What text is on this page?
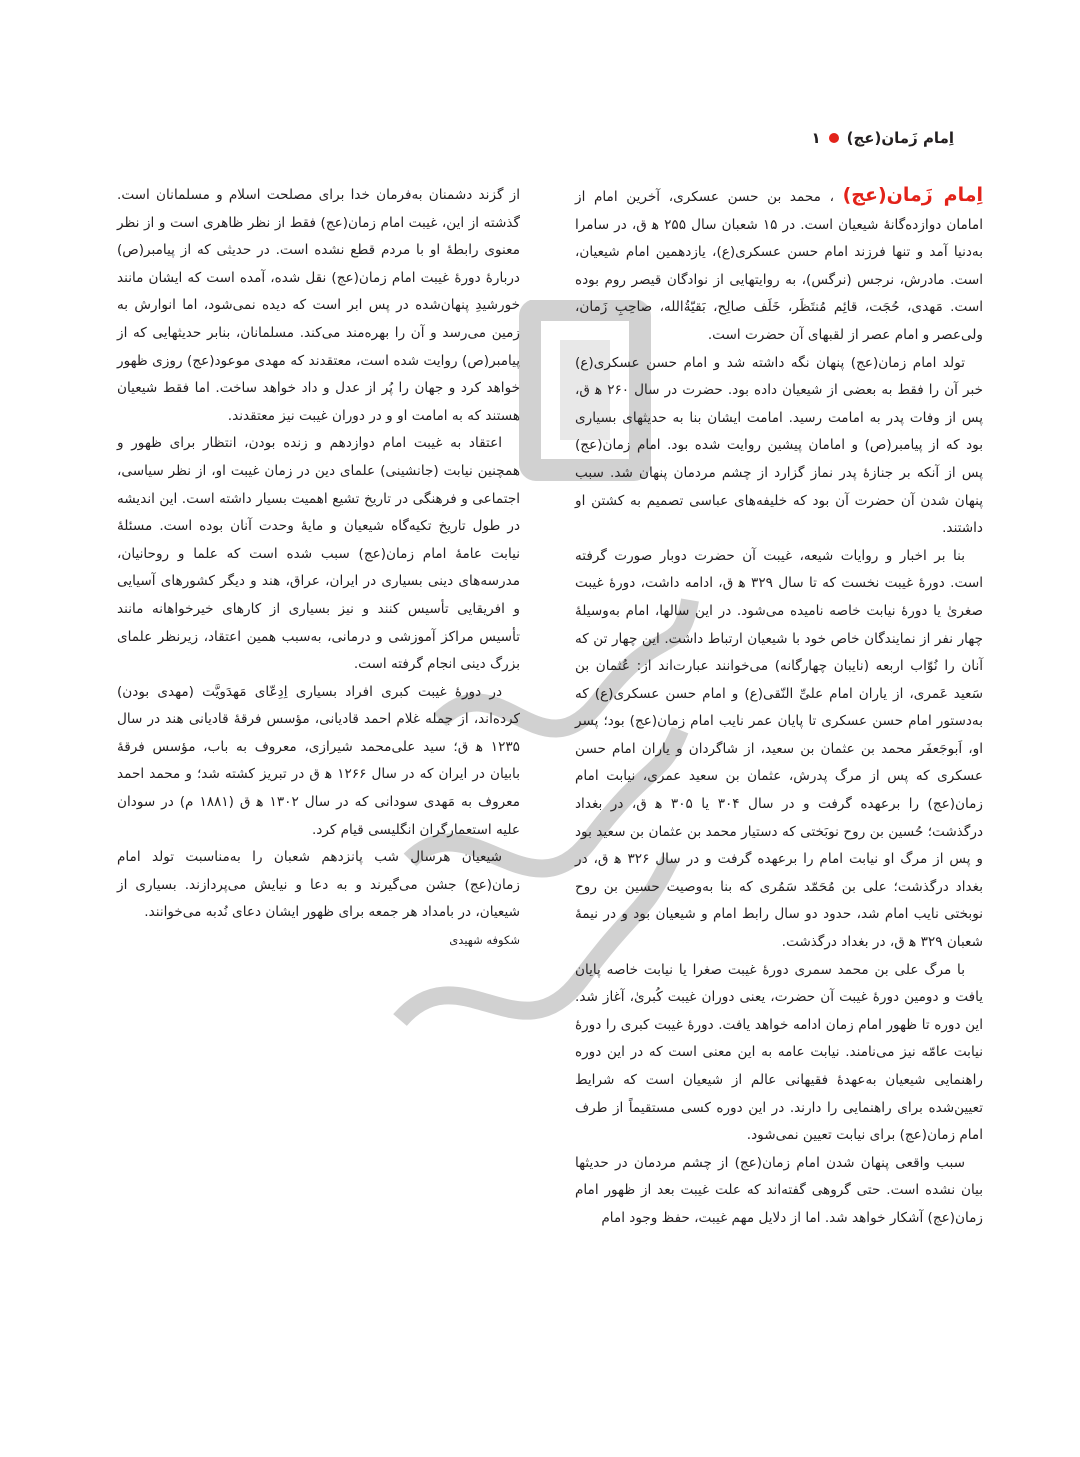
اِمام زَمان(عج)
١

اِمام زَمان(عج) ، محمد بن حسن عسکری، آخرین امام از امامان دوازده‌گانهٔ شیعیان است. در ۱۵ شعبان سال ۲۵۵ ه‍ ق، در سامرا به‌دنیا آمد و تنها فرزند امام حسن عسکری(ع)، یازدهمین امام شیعیان، است. مادرش، نرجس (نرگس)، به روایتهایی از نوادگان قیصر روم بوده است. مَهدی، حُجَت، قائِم مُنتَظَر، خَلَف صالِح، بَقیّةُالله، صاحِبِ زَمان، ولی‌عصر و امام عصر از لقبهای آن حضرت است.

تولد امام زمان(عج) پنهان نگه داشته شد و امام حسن عسکری(ع) خبر آن را فقط به بعضی از شیعیان داده بود. حضرت در سال ۲۶۰ ه‍ ق، پس از وفات پدر به امامت رسید. امامت ایشان بنا به حدیثهای بسیاری بود که از پیامبر(ص) و امامان پیشین روایت شده بود. امام زمان(عج) پس از آنکه بر جنازهٔ پدر نماز گزارد از چشم مردمان پنهان شد. سبب پنهان شدن آن حضرت آن بود که خلیفه‌های عباسی تصمیم به کشتن او داشتند.

بنا بر اخبار و روایات شیعه، غیبت آن حضرت دوبار صورت گرفته است. دورهٔ غیبت نخست که تا سال ۳۲۹ ه‍ ق، ادامه داشت، دورهٔ غیبت صغریٰ یا دورهٔ نیابت خاصه نامیده می‌شود. در این سالها، امام به‌وسیلهٔ چهار نفر از نمایندگان خاص خود با شیعیان ارتباط داشت. این چهار تن که آنان را نُوّاب اربعه (نایبان چهارگانه) می‌خوانند عبارت‌اند از: عُثمان بن سَعید عَمری، از یاران امام علیِّ النّقی(ع) و امام حسن عسکری(ع) که به‌دستور امام حسن عسکری تا پایان عمر نایب امام زمان(عج) بود؛ پسر او، اَبوجَعفَر محمد بن عثمان بن سعید، از شاگردان و یاران امام حسن عسکری که پس از مرگ پدرش، عثمان بن سعید عمری، نیابت امام زمان(عج) را برعهده گرفت و در سال ۳۰۴ یا ۳۰۵ ه‍ ق، در بغداد درگذشت؛ حُسین بن روح نوبَختی که دستیار محمد بن عثمان بن سعید بود و پس از مرگ او نیابت امام را برعهده گرفت و در سال ۳۲۶ ه‍ ق، در بغداد درگذشت؛ علی بن مُحَمّد سَمُری که بنا به‌وصیت حسین بن روح نوبختی نایب امام شد، حدود دو سال رابط امام و شیعیان بود و در نیمهٔ شعبان ۳۲۹ ه‍ ق، در بغداد درگذشت.

با مرگ علی بن محمد سمری دورهٔ غیبت صغرا یا نیابت خاصه پایان یافت و دومین دورهٔ غیبت آن حضرت، یعنی دوران غیبت کُبریٰ، آغاز شد. این دوره تا ظهور امام زمان ادامه خواهد یافت. دورهٔ غیبت کبری را دورهٔ نیابت عامّه نیز می‌نامند. نیابت عامه به این معنی است که در این دوره راهنمایی شیعیان به‌عهدهٔ فقیهانی عالم از شیعیان است که شرایط تعیین‌شده برای راهنمایی را دارند. در این دوره کسی مستقیماً از طرف امام زمان(عج) برای نیابت تعیین نمی‌شود.

سبب واقعی پنهان شدن امام زمان(عج) از چشم مردمان در حدیثها بیان نشده است. حتی گروهی گفته‌اند که علت غیبت بعد از ظهور امام زمان(عج) آشکار خواهد شد. اما از دلایل مهم غیبت، حفظ وجود امام

از گزند دشمنان به‌فرمان خدا برای مصلحت اسلام و مسلمانان است. گذشته از این، غیبت امام زمان(عج) فقط از نظر ظاهری است و از نظر معنوی رابطهٔ او با مردم قطع نشده است. در حدیثی که از پیامبر(ص) دربارهٔ دورهٔ غیبت امام زمان(عج) نقل شده، آمده است که ایشان مانند خورشیدِ پنهان‌شده در پس ابر است که دیده نمی‌شود، اما انوارش به زمین می‌رسد و آن را بهره‌مند می‌کند. مسلمانان، بنابر حدیثهایی که از پیامبر(ص) روایت شده است، معتقدند که مهدی موعود(عج) روزی ظهور خواهد کرد و جهان را پُر از عدل و داد خواهد ساخت. اما فقط شیعیان هستند که به امامت او و در دوران غیبت نیز معتقدند.

اعتقاد به غیبت امام دوازدهم و زنده بودن، انتظار برای ظهور و همچنین نیابت (جانشینی) علمای دین در زمان غیبت او، از نظر سیاسی، اجتماعی و فرهنگی در تاریخ تشیع اهمیت بسیار داشته است. این اندیشه در طول تاریخ تکیه‌گاه شیعیان و مایهٔ وحدت آنان بوده است. مسئلهٔ نیابت عامهٔ امام زمان(عج) سبب شده است که علما و روحانیان، مدرسه‌های دینی بسیاری در ایران، عراق، هند و دیگر کشورهای آسیایی و افریقایی تأسیس کنند و نیز بسیاری از کارهای خیرخواهانه مانند تأسیس مراکز آموزشی و درمانی، به‌سبب همین اعتقاد، زیرنظر علمای بزرگ دینی انجام گرفته است.

در دورهٔ غیبت کبری افراد بسیاری اِدِعّای مَهدَویَّت (مهدی بودن) کرده‌اند، از جمله غلام احمد قادیانی، مؤسس فرقهٔ قادیانی هند در سال ۱۲۳۵ ه‍ ق؛ سید علی‌محمد شیرازی، معروف به باب، مؤسس فرقهٔ بابیان در ایران که در سال ۱۲۶۶ ه‍ ق در تبریز کشته شد؛ و محمد احمد معروف به مَهدی سودانی که در سال ۱۳۰۲ ه‍ ق (۱۸۸۱ م) در سودان علیه استعمارگران انگلیسی قیام کرد.

شیعیان هرسال شب پانزدهم شعبان را به‌مناسبت تولد امام زمان(عج) جشن می‌گیرند و به دعا و نیایش می‌پردازند. بسیاری از شیعیان، در بامداد هر جمعه برای ظهور ایشان دعای نُدبه می‌خوانند.

شکوفه شهیدی
